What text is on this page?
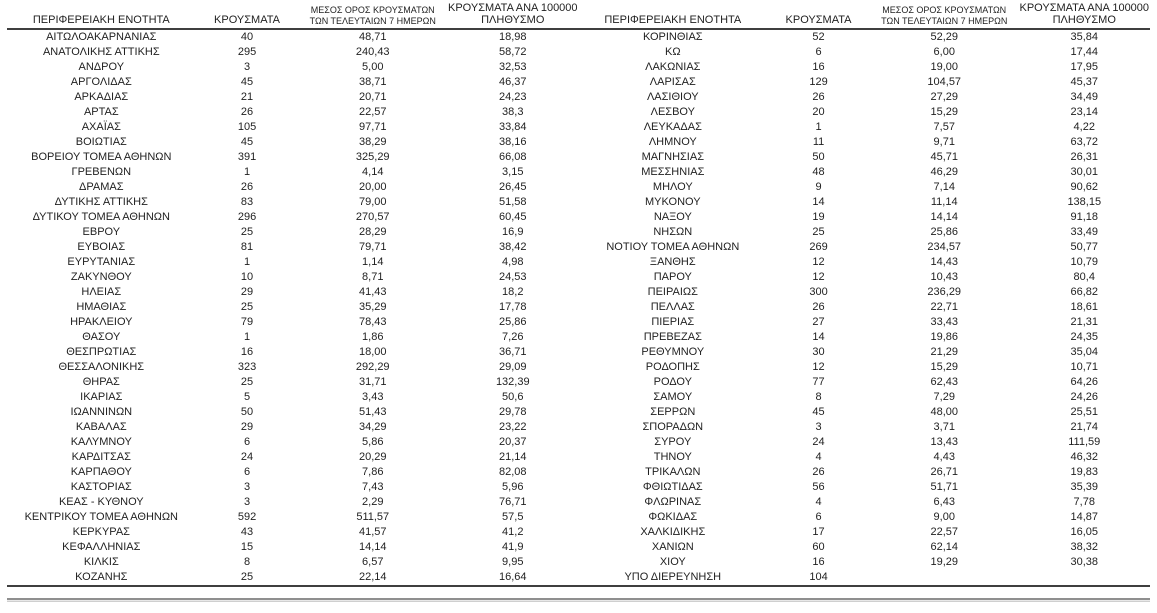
ΠΕΡΙΦΕΡΕΙΑΚΗ ΕΝΟΤΗΤΑ	ΚΡΟΥΣΜΑΤΑ	ΜΕΣΟΣ ΟΡΟΣ ΚΡΟΥΣΜΑΤΩΝ
ΤΩΝ ΤΕΛΕΥΤΑΙΩΝ 7 ΗΜΕΡΩΝ	ΚΡΟΥΣΜΑΤΑ ΑΝΑ 100000
ΠΛΗΘΥΣΜΟ
ΑΙΤΩΛΟΑΚΑΡΝΑΝΙΑΣ	40	48,71	18,98
ΑΝΑΤΟΛΙΚΗΣ ΑΤΤΙΚΗΣ	295	240,43	58,72
ΑΝΔΡΟΥ	3	5,00	32,53
ΑΡΓΟΛΙΔΑΣ	45	38,71	46,37
ΑΡΚΑΔΙΑΣ	21	20,71	24,23
ΑΡΤΑΣ	26	22,57	38,3
ΑΧΑΪΑΣ	105	97,71	33,84
ΒΟΙΩΤΙΑΣ	45	38,29	38,16
ΒΟΡΕΙΟΥ ΤΟΜΕΑ ΑΘΗΝΩΝ	391	325,29	66,08
ΓΡΕΒΕΝΩΝ	1	4,14	3,15
ΔΡΑΜΑΣ	26	20,00	26,45
ΔΥΤΙΚΗΣ ΑΤΤΙΚΗΣ	83	79,00	51,58
ΔΥΤΙΚΟΥ ΤΟΜΕΑ ΑΘΗΝΩΝ	296	270,57	60,45
ΕΒΡΟΥ	25	28,29	16,9
ΕΥΒΟΙΑΣ	81	79,71	38,42
ΕΥΡΥΤΑΝΙΑΣ	1	1,14	4,98
ΖΑΚΥΝΘΟΥ	10	8,71	24,53
ΗΛΕΙΑΣ	29	41,43	18,2
ΗΜΑΘΙΑΣ	25	35,29	17,78
ΗΡΑΚΛΕΙΟΥ	79	78,43	25,86
ΘΑΣΟΥ	1	1,86	7,26
ΘΕΣΠΡΩΤΙΑΣ	16	18,00	36,71
ΘΕΣΣΑΛΟΝΙΚΗΣ	323	292,29	29,09
ΘΗΡΑΣ	25	31,71	132,39
ΙΚΑΡΙΑΣ	5	3,43	50,6
ΙΩΑΝΝΙΝΩΝ	50	51,43	29,78
ΚΑΒΑΛΑΣ	29	34,29	23,22
ΚΑΛΥΜΝΟΥ	6	5,86	20,37
ΚΑΡΔΙΤΣΑΣ	24	20,29	21,14
ΚΑΡΠΑΘΟΥ	6	7,86	82,08
ΚΑΣΤΟΡΙΑΣ	3	7,43	5,96
ΚΕΑΣ - ΚΥΘΝΟΥ	3	2,29	76,71
ΚΕΝΤΡΙΚΟΥ ΤΟΜΕΑ ΑΘΗΝΩΝ	592	511,57	57,5
ΚΕΡΚΥΡΑΣ	43	41,57	41,2
ΚΕΦΑΛΛΗΝΙΑΣ	15	14,14	41,9
ΚΙΛΚΙΣ	8	6,57	9,95
ΚΟΖΑΝΗΣ	25	22,14	16,64
ΠΕΡΙΦΕΡΕΙΑΚΗ ΕΝΟΤΗΤΑ	ΚΡΟΥΣΜΑΤΑ	ΜΕΣΟΣ ΟΡΟΣ ΚΡΟΥΣΜΑΤΩΝ
ΤΩΝ ΤΕΛΕΥΤΑΙΩΝ 7 ΗΜΕΡΩΝ	ΚΡΟΥΣΜΑΤΑ ΑΝΑ 100000
ΠΛΗΘΥΣΜΟ
ΚΟΡΙΝΘΙΑΣ	52	52,29	35,84
ΚΩ	6	6,00	17,44
ΛΑΚΩΝΙΑΣ	16	19,00	17,95
ΛΑΡΙΣΑΣ	129	104,57	45,37
ΛΑΣΙΘΙΟΥ	26	27,29	34,49
ΛΕΣΒΟΥ	20	15,29	23,14
ΛΕΥΚΑΔΑΣ	1	7,57	4,22
ΛΗΜΝΟΥ	11	9,71	63,72
ΜΑΓΝΗΣΙΑΣ	50	45,71	26,31
ΜΕΣΣΗΝΙΑΣ	48	46,29	30,01
ΜΗΛΟΥ	9	7,14	90,62
ΜΥΚΟΝΟΥ	14	11,14	138,15
ΝΑΞΟΥ	19	14,14	91,18
ΝΗΣΩΝ	25	25,86	33,49
ΝΟΤΙΟΥ ΤΟΜΕΑ ΑΘΗΝΩΝ	269	234,57	50,77
ΞΑΝΘΗΣ	12	14,43	10,79
ΠΑΡΟΥ	12	10,43	80,4
ΠΕΙΡΑΙΩΣ	300	236,29	66,82
ΠΕΛΛΑΣ	26	22,71	18,61
ΠΙΕΡΙΑΣ	27	33,43	21,31
ΠΡΕΒΕΖΑΣ	14	19,86	24,35
ΡΕΘΥΜΝΟΥ	30	21,29	35,04
ΡΟΔΟΠΗΣ	12	15,29	10,71
ΡΟΔΟΥ	77	62,43	64,26
ΣΑΜΟΥ	8	7,29	24,26
ΣΕΡΡΩΝ	45	48,00	25,51
ΣΠΟΡΑΔΩΝ	3	3,71	21,74
ΣΥΡΟΥ	24	13,43	111,59
ΤΗΝΟΥ	4	4,43	46,32
ΤΡΙΚΑΛΩΝ	26	26,71	19,83
ΦΘΙΩΤΙΔΑΣ	56	51,71	35,39
ΦΛΩΡΙΝΑΣ	4	6,43	7,78
ΦΩΚΙΔΑΣ	6	9,00	14,87
ΧΑΛΚΙΔΙΚΗΣ	17	22,57	16,05
ΧΑΝΙΩΝ	60	62,14	38,32
ΧΙΟΥ	16	19,29	30,38
ΥΠΟ ΔΙΕΡΕΥΝΗΣΗ	104		
